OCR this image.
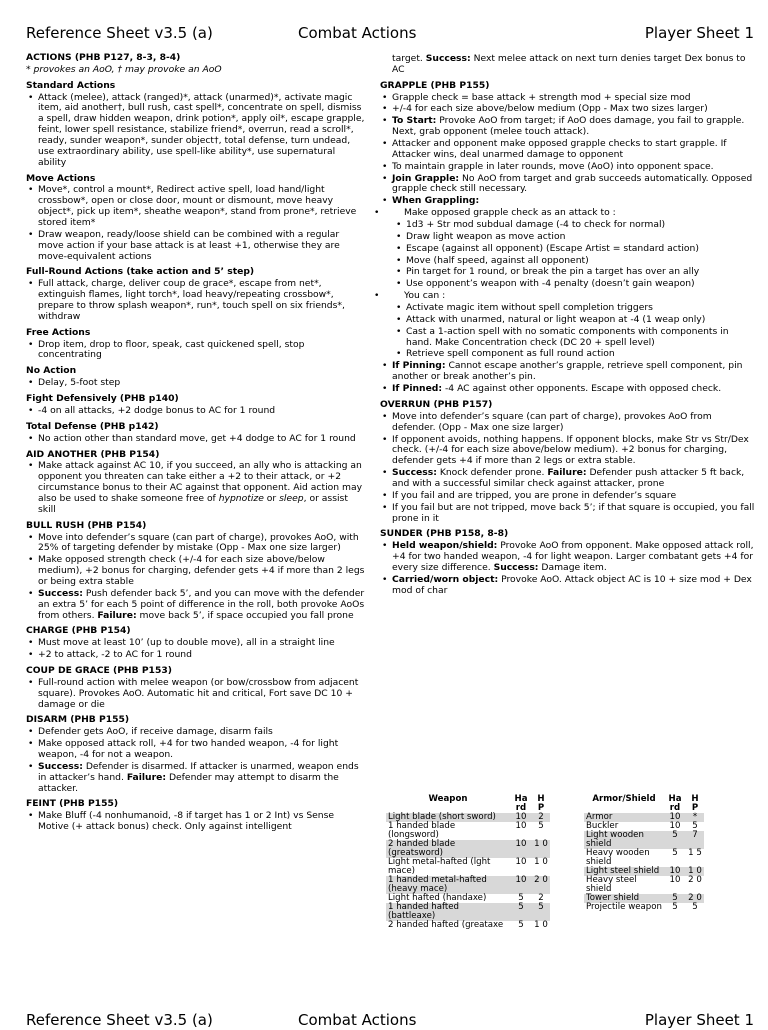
Reference Sheet v3.5 (a)	Combat Actions	Player Sheet 1
ACTIONS (PHB P127, 8-3, 8-4)

* provokes an AoO, † may provoke an AoO

Standard Actions
• Attack (melee), attack (ranged)*, attack (unarmed)*, activate magic item, aid another†, bull rush, cast spell*, concentrate on spell, dismiss a spell, draw hidden weapon, drink potion*, apply oil*, escape grapple, feint, lower spell resistance, stabilize friend*, overrun, read a scroll*, ready, sunder weapon*, sunder object†, total defense, turn undead, use extraordinary ability, use spell-like ability*, use supernatural ability
Move Actions
• Move*, control a mount*, Redirect active spell, load hand/light crossbow*, open or close door, mount or dismount, move heavy object*, pick up item*, sheathe weapon*, stand from prone*, retrieve stored item*
• Draw weapon, ready/loose shield can be combined with a regular move action if your base attack is at least +1, otherwise they are move-equivalent actions
Full-Round Actions (take action and 5’ step)
• Full attack, charge, deliver coup de grace*, escape from net*, extinguish flames, light torch*, load heavy/repeating crossbow*, prepare to throw splash weapon*, run*, touch spell on six friends*, withdraw
Free Actions
• Drop item, drop to floor, speak, cast quickened spell, stop concentrating
No Action
• Delay, 5-foot step
Fight Defensively (PHB p140)
• -4 on all attacks, +2 dodge bonus to AC for 1 round
Total Defense (PHB p142)
• No action other than standard move, get +4 dodge to AC for 1 round
AID ANOTHER (PHB P154)
• Make attack against AC 10, if you succeed, an ally who is attacking an opponent you threaten can take either a +2 to their attack, or +2 circumstance bonus to their AC against that opponent. Aid action may also be used to shake someone free of hypnotize or sleep, or assist skill
BULL RUSH (PHB P154)
• Move into defender’s square (can part of charge), provokes AoO, with 25% of targeting defender by mistake (Opp - Max one size larger)
• Make opposed strength check (+/-4 for each size above/below medium), +2 bonus for charging, defender gets +4 if more than 2 legs or being extra stable
• Success: Push defender back 5’, and you can move with the defender an extra 5’ for each 5 point of difference in the roll, both provoke AoOs from others. Failure: move back 5’, if space occupied you fall prone
CHARGE (PHB P154)
• Must move at least 10’ (up to double move), all in a straight line
• +2 to attack, -2 to AC for 1 round
COUP DE GRACE (PHB P153)
• Full-round action with melee weapon (or bow/crossbow from adjacent square). Provokes AoO. Automatic hit and critical, Fort save DC 10 + damage or die
DISARM (PHB P155)
• Defender gets AoO, if receive damage, disarm fails
• Make opposed attack roll, +4 for two handed weapon, -4 for light weapon, -4 for not a weapon.
• Success: Defender is disarmed. If attacker is unarmed, weapon ends in attacker’s hand. Failure: Defender may attempt to disarm the attacker.
FEINT (PHB P155)
• Make Bluff (-4 nonhumanoid, -8 if target has 1 or 2 Int) vs Sense Motive (+ attack bonus) check. Only against intelligent

target. Success: Next melee attack on next turn denies target Dex bonus to AC

GRAPPLE (PHB P155)
• Grapple check = base attack + strength mod + special size mod
• +/-4 for each size above/below medium (Opp - Max two sizes larger)
• To Start: Provoke AoO from target; if AoO does damage, you fail to grapple. Next, grab opponent (melee touch attack).
• Attacker and opponent make opposed grapple checks to start grapple. If Attacker wins, deal unarmed damage to opponent
• To maintain grapple in later rounds, move (AoO) into opponent space.
• Join Grapple: No AoO from target and grab succeeds automatically. Opposed grapple check still necessary.
• When Grappling:
• Make opposed grapple check as an attack to :
• 1d3 + Str mod subdual damage (-4 to check for normal)
• Draw light weapon as move action
• Escape (against all opponent) (Escape Artist = standard action)
• Move (half speed, against all opponent)
• Pin target for 1 round, or break the pin a target has over an ally
• Use opponent’s weapon with -4 penalty (doesn’t gain weapon)
• You can :
• Activate magic item without spell completion triggers
• Attack with unarmed, natural or light weapon at -4 (1 weap only)
• Cast a 1-action spell with no somatic components with components in hand. Make Concentration check (DC 20 + spell level)
• Retrieve spell component as full round action
• If Pinning: Cannot escape another’s grapple, retrieve spell component, pin another or break another’s pin.
• If Pinned: -4 AC against other opponents. Escape with opposed check.
OVERRUN (PHB P157)
• Move into defender’s square (can part of charge), provokes AoO from defender. (Opp - Max one size larger)
• If opponent avoids, nothing happens. If opponent blocks, make Str vs Str/Dex check. (+/-4 for each size above/below medium). +2 bonus for charging, defender gets +4 if more than 2 legs or extra stable.
• Success: Knock defender prone. Failure: Defender push attacker 5 ft back, and with a successful similar check against attacker, prone
• If you fail and are tripped, you are prone in defender’s square
• If you fail but are not tripped, move back 5’; if that square is occupied, you fall prone in it
SUNDER (PHB P158, 8-8)
• Held weapon/shield: Provoke AoO from opponent. Make opposed attack roll, +4 for two handed weapon, -4 for light weapon. Larger combatant gets +4 for every size difference. Success: Damage item.
• Carried/worn object: Provoke AoO. Attack object AC is 10 + size mod + Dex mod of char
Weapon	Ha rd	H P
Light blade (short sword)	10	2
1 handed blade (longsword)	10	5
2 handed blade (greatsword)	10	1 0
Light metal-hafted (lght mace)	10	1 0
1 handed metal-hafted (heavy mace)	10	2 0
Light hafted (handaxe)	5	2
1 handed hafted (battleaxe)	5	5
2 handed hafted (greataxe	5	1 0
Armor/Shield	Ha rd	H P
Armor	10	*
Buckler	10	5
Light wooden shield	5	7
Heavy wooden shield	5	1 5
Light steel shield	10	1 0
Heavy steel shield	10	2 0
Tower shield	5	2 0
Projectile weapon	5	5
Reference Sheet v3.5 (a)	Combat Actions	Player Sheet 1
